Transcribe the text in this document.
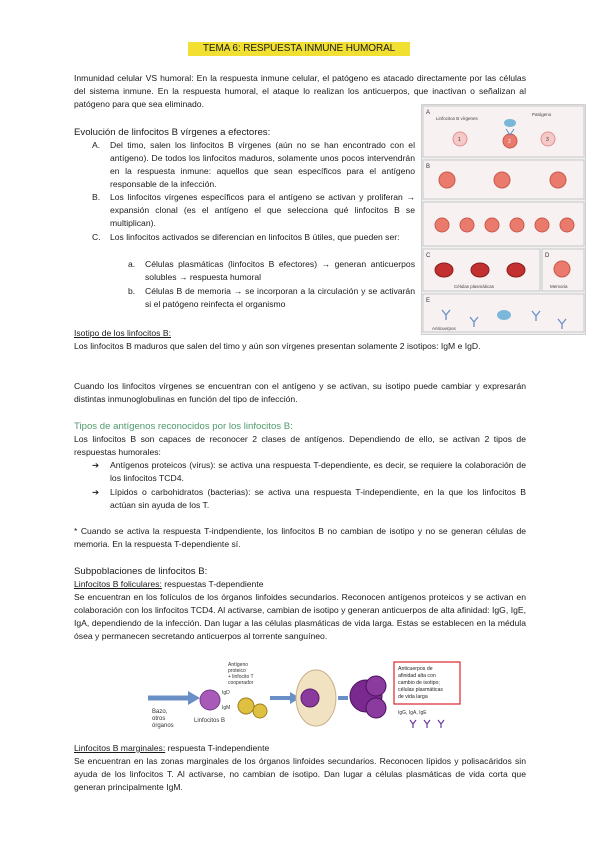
TEMA 6: RESPUESTA INMUNE HUMORAL

Inmunidad celular VS humoral: En la respuesta inmune celular, el patógeno es atacado directamente por las células del sistema inmune. En la respuesta humoral, el ataque lo realizan los anticuerpos, que inactivan o señalizan al patógeno para que sea eliminado.

A
B
C	D
E
Linfocitos B vírgenes
Patógeno
1	2	3
Células plasmáticas	Memoria
Anticuerpos

Evolución de linfocitos B vírgenes a efectores:

A. Del timo, salen los linfocitos B vírgenes (aún no se han encontrado con el antígeno). De todos los linfocitos maduros, solamente unos pocos intervendrán en la respuesta inmune: aquellos que sean específicos para el antígeno responsable de la infección.

B. Los linfocitos vírgenes específicos para el antígeno se activan y proliferan → expansión clonal (es el antígeno el que selecciona qué linfocitos B se multiplican).

C. Los linfocitos activados se diferencian en linfocitos B útiles, que pueden ser:

a. Células plasmáticas (linfocitos B efectores) → generan anticuerpos solubles → respuesta humoral

b. Células B de memoria → se incorporan a la circulación y se activarán si el patógeno reinfecta el organismo

Isotipo de los linfocitos B:

Los linfocitos B maduros que salen del timo y aún son vírgenes presentan solamente 2 isotipos: IgM e IgD.

Cuando los linfocitos vírgenes se encuentran con el antígeno y se activan, su isotipo puede cambiar y expresarán distintas inmunoglobulinas en función del tipo de infección.

Tipos de antígenos reconocidos por los linfocitos B:

Los linfocitos B son capaces de reconocer 2 clases de antígenos. Dependiendo de ello, se activan 2 tipos de respuestas humorales:

➔ Antígenos proteicos (virus): se activa una respuesta T-dependiente, es decir, se requiere la colaboración de los linfocitos TCD4.

➔ Lípidos o carbohidratos (bacterias): se activa una respuesta T-independiente, en la que los linfocitos B actúan sin ayuda de los T.

* Cuando se activa la respuesta T-indpendiente, los linfocitos B no cambian de isotipo y no se generan células de memoria. En la respuesta T-dependiente sí.

Subpoblaciones de linfocitos B:

Linfocitos B foliculares: respuestas T-dependiente

Se encuentran en los folículos de los órganos linfoides secundarios. Reconocen antígenos proteicos y se activan en colaboración con los linfocitos TCD4. Al activarse, cambian de isotipo y generan anticuerpos de alta afinidad: IgG, IgE, IgA, dependiendo de la infección. Dan lugar a las células plasmáticas de vida larga. Estas se establecen en la médula ósea y permanecen secretando anticuerpos al torrente sanguíneo.

Bazo,
otros
órganos
Linfocitos B
IgM
IgD
Antígeno
proteico
+ linfocito T
cooperador
Anticuerpos de
afinidad alta con
cambio de isotipo;
células plasmáticas
de vida larga
IgG, IgA, IgE

Linfocitos B marginales: respuesta T-independiente

Se encuentran en las zonas marginales de los órganos linfoides secundarios. Reconocen lípidos y polisacáridos sin ayuda de los linfocitos T. Al activarse, no cambian de isotipo. Dan lugar a células plasmáticas de vida corta que generan principalmente IgM.
